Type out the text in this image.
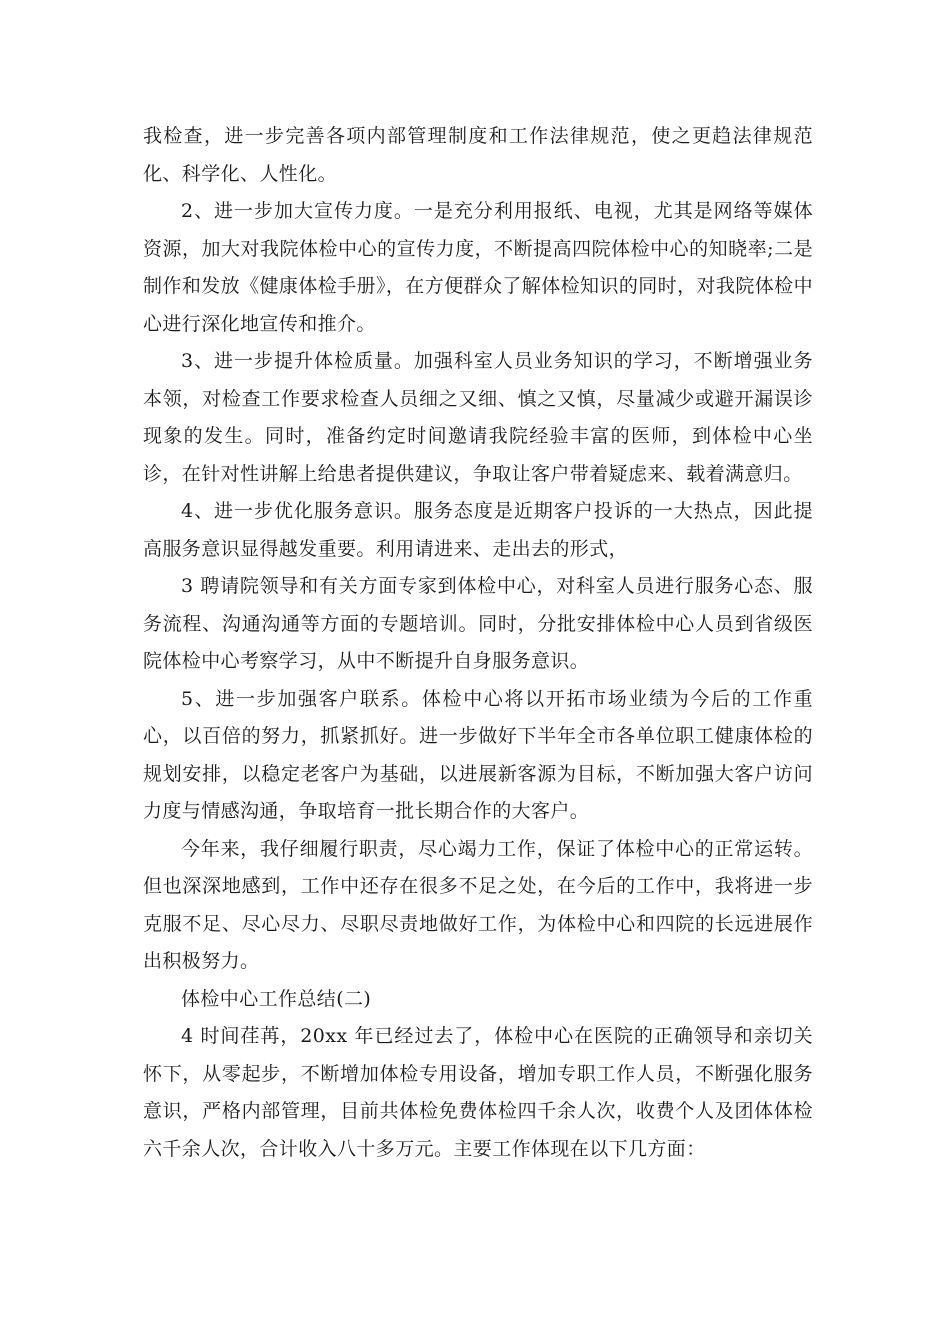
我检查，进一步完善各项内部管理制度和工作法律规范，使之更趋法律规范化、科学化、人性化。

2、进一步加大宣传力度。一是充分利用报纸、电视，尤其是网络等媒体资源，加大对我院体检中心的宣传力度，不断提高四院体检中心的知晓率;二是制作和发放《健康体检手册》，在方便群众了解体检知识的同时，对我院体检中心进行深化地宣传和推介。

3、进一步提升体检质量。加强科室人员业务知识的学习，不断增强业务本领，对检查工作要求检查人员细之又细、慎之又慎，尽量减少或避开漏误诊现象的发生。同时，准备约定时间邀请我院经验丰富的医师，到体检中心坐诊，在针对性讲解上给患者提供建议，争取让客户带着疑虑来、载着满意归。

4、进一步优化服务意识。服务态度是近期客户投诉的一大热点，因此提高服务意识显得越发重要。利用请进来、走出去的形式，

3 聘请院领导和有关方面专家到体检中心，对科室人员进行服务心态、服务流程、沟通沟通等方面的专题培训。同时，分批安排体检中心人员到省级医院体检中心考察学习，从中不断提升自身服务意识。

5、进一步加强客户联系。体检中心将以开拓市场业绩为今后的工作重心，以百倍的努力，抓紧抓好。进一步做好下半年全市各单位职工健康体检的规划安排，以稳定老客户为基础，以进展新客源为目标，不断加强大客户访问力度与情感沟通，争取培育一批长期合作的大客户。

今年来，我仔细履行职责，尽心竭力工作，保证了体检中心的正常运转。但也深深地感到，工作中还存在很多不足之处，在今后的工作中，我将进一步克服不足、尽心尽力、尽职尽责地做好工作，为体检中心和四院的长远进展作出积极努力。

体检中心工作总结(二)

4 时间荏苒，20xx 年已经过去了，体检中心在医院的正确领导和亲切关怀下，从零起步，不断增加体检专用设备，增加专职工作人员，不断强化服务意识，严格内部管理，目前共体检免费体检四千余人次，收费个人及团体体检六千余人次，合计收入八十多万元。主要工作体现在以下几方面：
